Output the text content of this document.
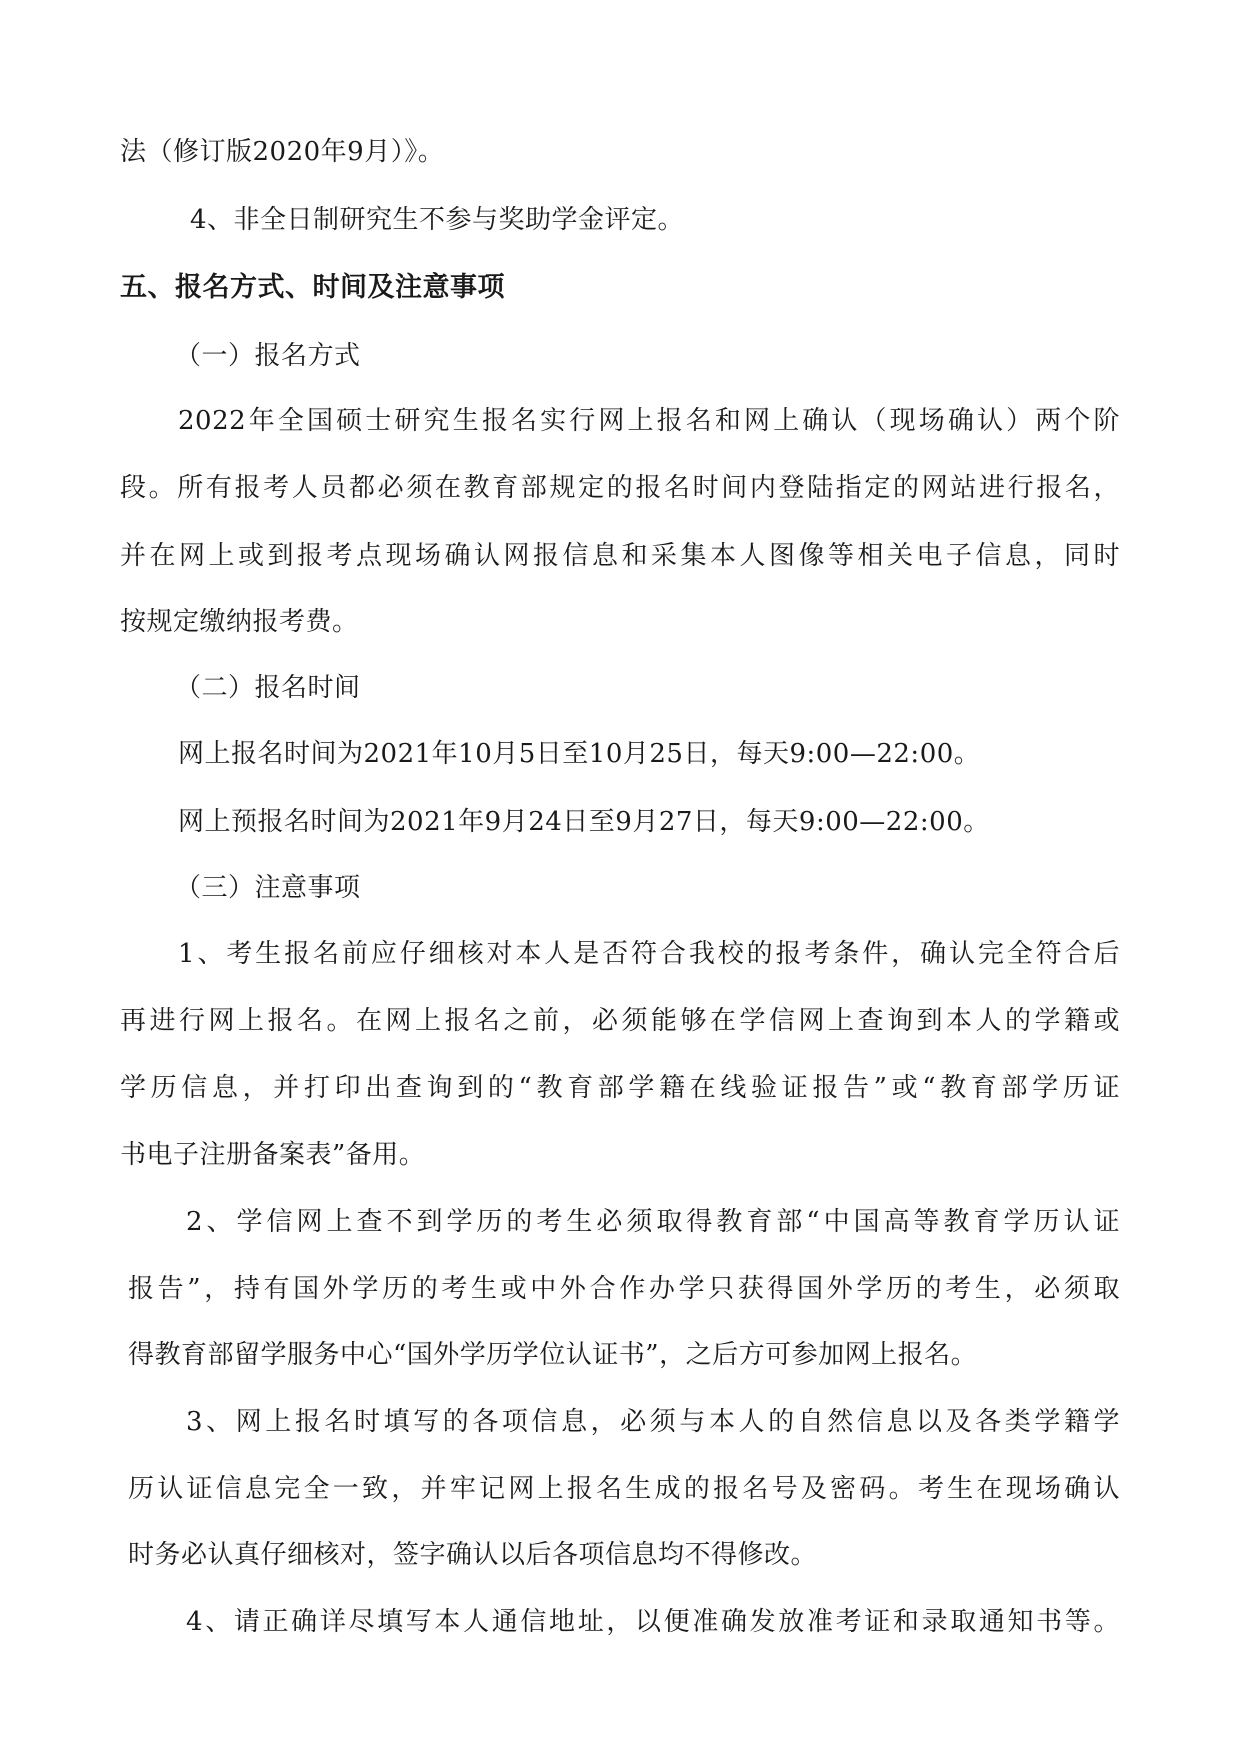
法（修订版2020年9月）》。
4、非全日制研究生不参与奖助学金评定。
五、报名方式、时间及注意事项
（一）报名方式
2022年全国硕士研究生报名实行网上报名和网上确认（现场确认）两个阶
段。所有报考人员都必须在教育部规定的报名时间内登陆指定的网站进行报名，
并在网上或到报考点现场确认网报信息和采集本人图像等相关电子信息，同时
按规定缴纳报考费。
（二）报名时间
网上报名时间为2021年10月5日至10月25日，每天9:00—22:00。
网上预报名时间为2021年9月24日至9月27日，每天9:00—22:00。
（三）注意事项
1、考生报名前应仔细核对本人是否符合我校的报考条件，确认完全符合后
再进行网上报名。在网上报名之前，必须能够在学信网上查询到本人的学籍或
学历信息，并打印出查询到的“教育部学籍在线验证报告”或“教育部学历证
书电子注册备案表”备用。
2、学信网上查不到学历的考生必须取得教育部“中国高等教育学历认证
报告”，持有国外学历的考生或中外合作办学只获得国外学历的考生，必须取
得教育部留学服务中心“国外学历学位认证书”，之后方可参加网上报名。
3、网上报名时填写的各项信息，必须与本人的自然信息以及各类学籍学
历认证信息完全一致，并牢记网上报名生成的报名号及密码。考生在现场确认
时务必认真仔细核对，签字确认以后各项信息均不得修改。
4、请正确详尽填写本人通信地址，以便准确发放准考证和录取通知书等。
